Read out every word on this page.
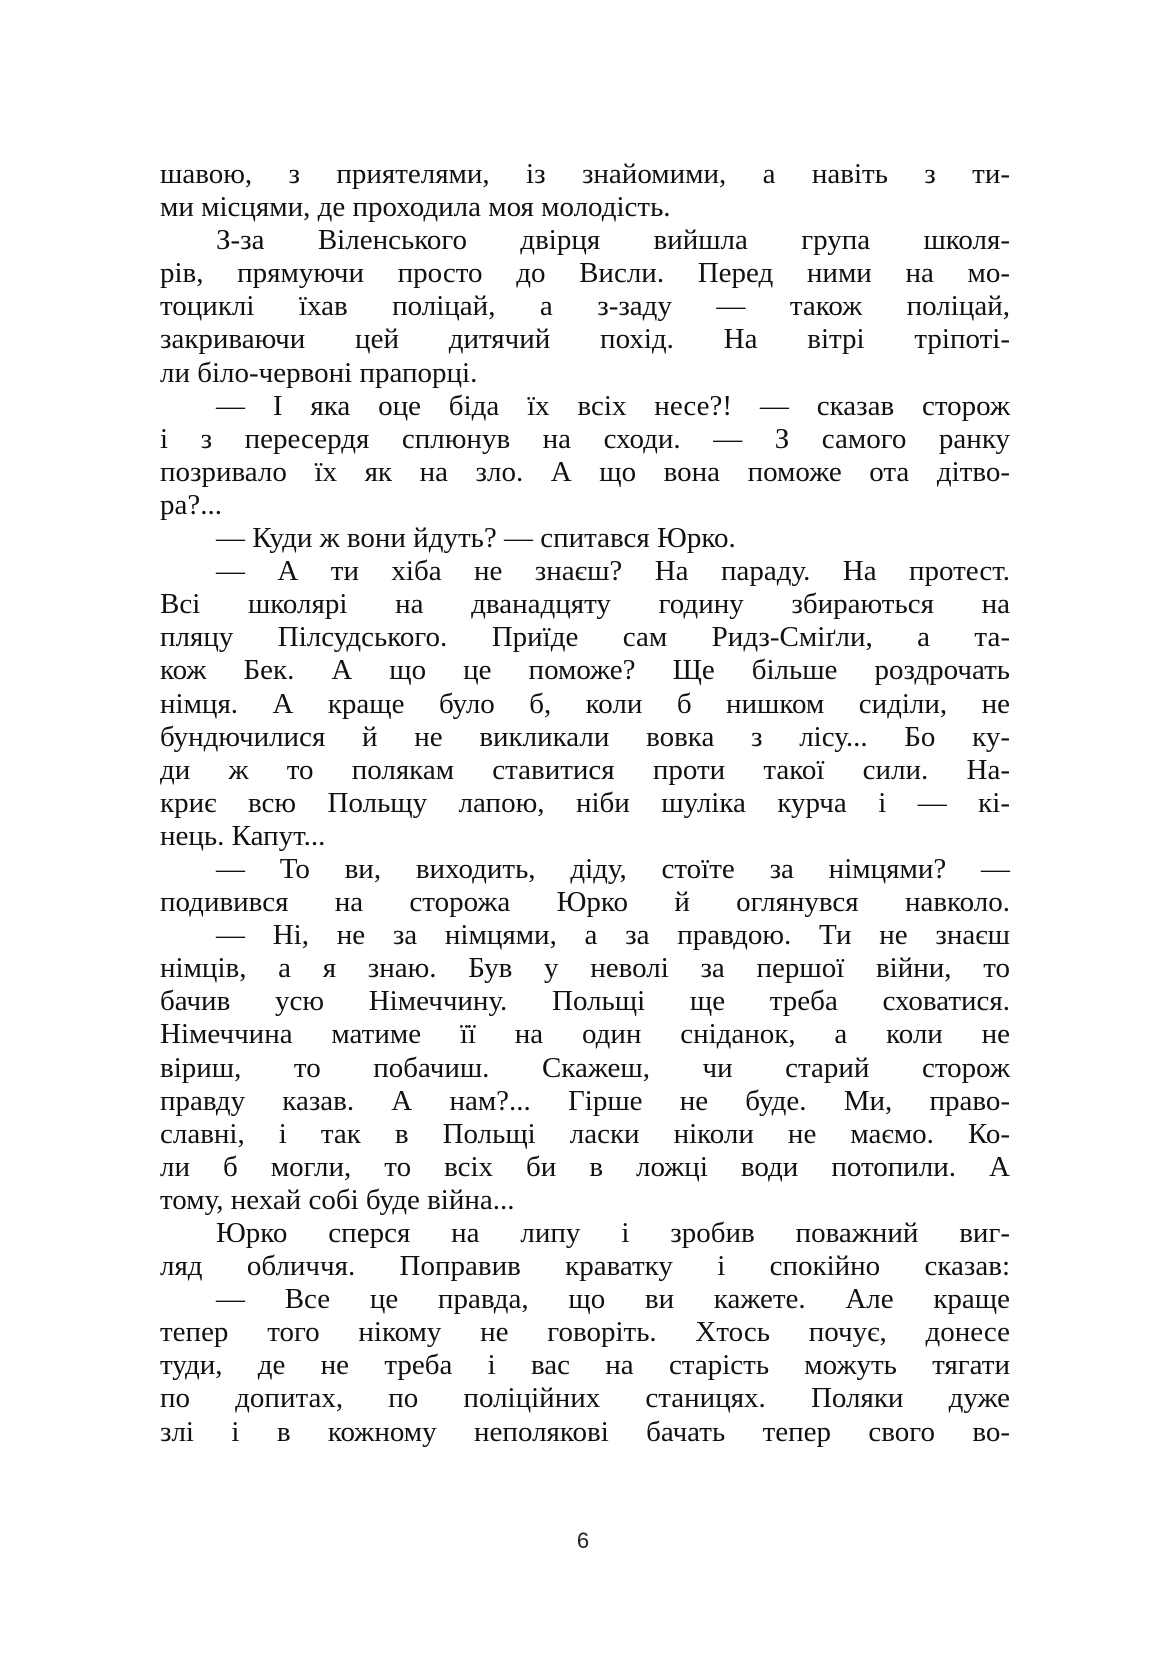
шавою, з приятелями, із знайомими, а навіть з ти-
ми місцями, де проходила моя молодість.
З-за Віленського двірця вийшла група школя-
рів, прямуючи просто до Висли. Перед ними на мо-
тоциклі їхав поліцай, а з-заду — також поліцай,
закриваючи цей дитячий похід. На вітрі тріпоті-
ли біло-червоні прапорці.
— І яка оце біда їх всіх несе?! — сказав сторож
і з пересердя сплюнув на сходи. — З самого ранку
позривало їх як на зло. А що вона поможе ота дітво-
ра?...
— Куди ж вони йдуть? — спитався Юрко.
— А ти хіба не знаєш? На параду. На протест.
Всі школярі на дванадцяту годину збираються на
пляцу Пілсудського. Приїде сам Ридз-Сміґли, а та-
кож Бек. А що це поможе? Ще більше роздрочать
німця. А краще було б, коли б нишком сиділи, не
бундючилися й не викликали вовка з лісу... Бо ку-
ди ж то полякам ставитися проти такої сили. На-
криє всю Польщу лапою, ніби шуліка курча і — кі-
нець. Капут...
— То ви, виходить, діду, стоїте за німцями? —
подивився на сторожа Юрко й оглянувся навколо.
— Ні, не за німцями, а за правдою. Ти не знаєш
німців, а я знаю. Був у неволі за першої війни, то
бачив усю Німеччину. Польщі ще треба сховатися.
Німеччина матиме її на один сніданок, а коли не
віриш, то побачиш. Скажеш, чи старий сторож
правду казав. А нам?... Гірше не буде. Ми, право-
славні, і так в Польщі ласки ніколи не маємо. Ко-
ли б могли, то всіх би в ложці води потопили. А
тому, нехай собі буде війна...
Юрко сперся на липу і зробив поважний виг-
ляд обличчя. Поправив краватку і спокійно сказав:
— Все це правда, що ви кажете. Але краще
тепер того нікому не говоріть. Хтось почує, донесе
туди, де не треба і вас на старість можуть тягати
по допитах, по поліційних станицях. Поляки дуже
злі і в кожному неполякові бачать тепер свого во-
6
